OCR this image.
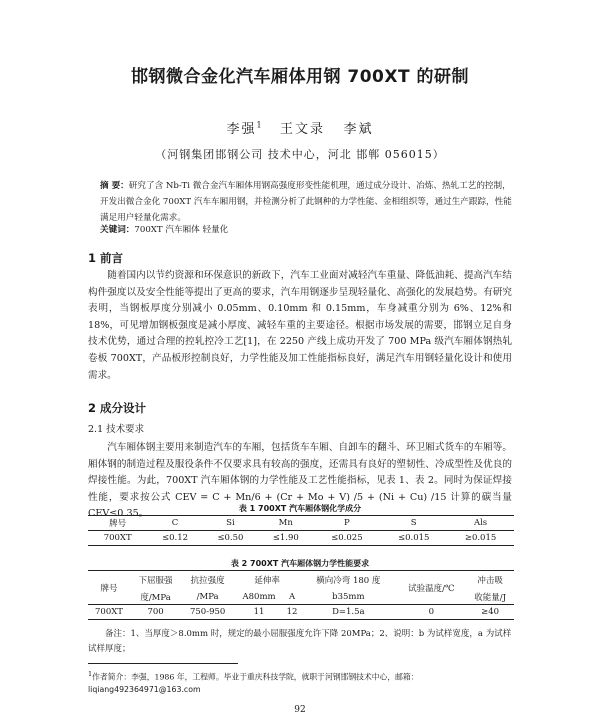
邯钢微合金化汽车厢体用钢 700XT 的研制
李强$^1$ 王文录 李斌
（河钢集团邯钢公司 技术中心，河北 邯郸 056015）
摘 要：研究了含 Nb-Ti 微合金汽车厢体用钢高强度形变性能机理，通过成分设计、冶炼、热轧工艺的控制，开发出微合金化 700XT 汽车车厢用钢，并检测分析了此钢种的力学性能、金相组织等，通过生产跟踪，性能满足用户轻量化需求。
关键词：700XT 汽车厢体 轻量化
1 前言
随着国内以节约资源和环保意识的新政下，汽车工业面对减轻汽车重量、降低油耗、提高汽车结构件强度以及安全性能等提出了更高的要求，汽车用钢逐步呈现轻量化、高强化的发展趋势。有研究表明，当钢板厚度分别减小 0.05mm、0.10mm 和 0.15mm，车身减重分别为 6%、12%和 18%，可见增加钢板强度是减小厚度、减轻车重的主要途径。根据市场发展的需要，邯钢立足自身技术优势，通过合理的控轧控冷工艺[1]，在 2250 产线上成功开发了 700 MPa 级汽车厢体钢热轧卷板 700XT，产品板形控制良好，力学性能及加工性能指标良好，满足汽车用钢轻量化设计和使用需求。
2 成分设计
2.1 技术要求
汽车厢体钢主要用来制造汽车的车厢，包括货车车厢、自卸车的翻斗、环卫厢式货车的车厢等。厢体钢的制造过程及服役条件不仅要求具有较高的强度，还需具有良好的塑韧性、冷成型性及优良的焊接性能。为此，700XT 汽车厢体钢的力学性能及工艺性能指标，见表 1、表 2。同时为保证焊接性能，要求按公式 CEV = C + Mn/6 + (Cr + Mo + V) /5 + (Ni + Cu) /15 计算的碳当量 CEV≤0.35。	表 1 700XT 汽车厢体钢化学成分
牌号	C	Si	Mn	P	S	Als
700XT	≤0.12	≤0.50	≤1.90	≤0.025	≤0.015	≥0.015
表 2 700XT 汽车厢体钢力学性能要求
牌号	下屈服强	抗拉强度	延伸率		横向冷弯 180 度	试验温度/℃	冲击吸
	度/MPa	/MPa	A80mm	A	b35mm		收能量/J
700XT	700	750-950	11	12	D=1.5a	0	≥40
备注：1、当厚度＞8.0mm 时，规定的最小屈服强度允许下降 20MPa；2、说明：b 为试样宽度，a 为试样试样厚度；
$^1$作者简介：李强，1986 年，工程师。毕业于重庆科技学院，就职于河钢邯钢技术中心，邮箱：
liqiang492364971@163.com
92
